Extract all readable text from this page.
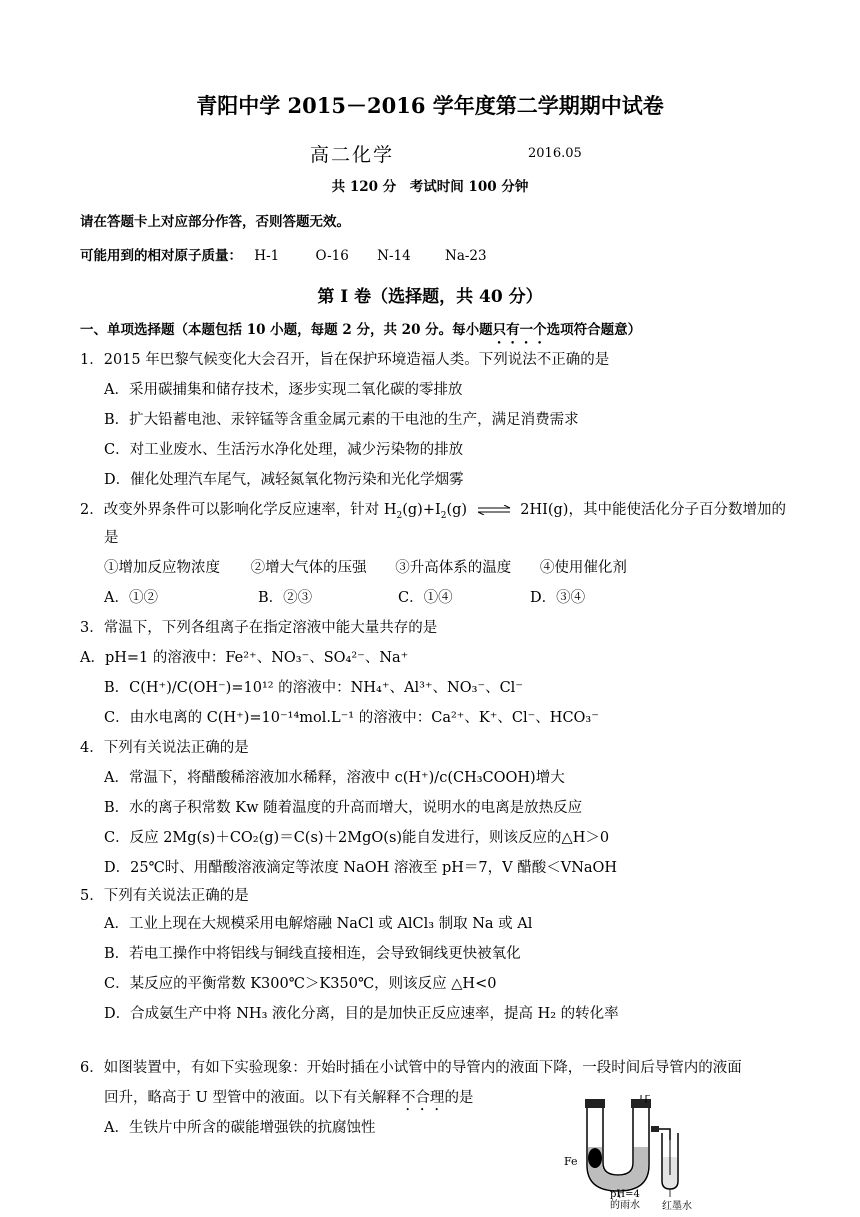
青阳中学 2015－2016 学年度第二学期期中试卷
高二化学	2016.05
共 120 分　考试时间 100 分钟
请在答题卡上对应部分作答，否则答题无效。
可能用到的相对原子质量： H-1	O-16 N-14	Na-23
第 I 卷（选择题，共 40 分）
一、单项选择题（本题包括 10 小题，每题 2 分，共 20 分。每小题只有一个选项符合题意）
1．2015 年巴黎气候变化大会召开，旨在保护环境造福人类。下列说法不正确的是
A．采用碳捕集和储存技术，逐步实现二氧化碳的零排放
B．扩大铅蓄电池、汞锌锰等含重金属元素的干电池的生产，满足消费需求
C．对工业废水、生活污水净化处理，减少污染物的排放
D．催化处理汽车尾气，减轻氮氧化物污染和光化学烟雾
2．改变外界条件可以影响化学反应速率，针对 $H_2(g)+I_2(g)$ ⇌ 2HI(g)，其中能使活化分子百分数增加的
是
①增加反应物浓度 ②增大气体的压强 ③升高体系的温度 ④使用催化剂
A．①②	B．②③	C．①④	D．③④
3．常温下，下列各组离子在指定溶液中能大量共存的是
A．pH=1 的溶液中：Fe²⁺、NO₃⁻、SO₄²⁻、Na⁺
B．C(H⁺)/C(OH⁻)=10¹² 的溶液中：NH₄⁺、Al³⁺、NO₃⁻、Cl⁻
C．由水电离的 C(H⁺)=10⁻¹⁴mol.L⁻¹ 的溶液中：Ca²⁺、K⁺、Cl⁻、HCO₃⁻
4．下列有关说法正确的是
A．常温下，将醋酸稀溶液加水稀释，溶液中 c(H⁺)/c(CH₃COOH)增大
B．水的离子积常数 Kw 随着温度的升高而增大，说明水的电离是放热反应
C．反应 2Mg(s)＋CO₂(g)＝C(s)＋2MgO(s)能自发进行，则该反应的△H＞0
D．25℃时、用醋酸溶液滴定等浓度 NaOH 溶液至 pH＝7，V 醋酸＜VNaOH
5．下列有关说法正确的是
A．工业上现在大规模采用电解熔融 NaCl 或 AlCl₃ 制取 Na 或 Al
B．若电工操作中将铝线与铜线直接相连，会导致铜线更快被氧化
C．某反应的平衡常数 K300℃＞K350℃，则该反应 △H<0
D．合成氨生产中将 NH₃ 液化分离，目的是加快正反应速率，提高 H₂ 的转化率
6．如图装置中，有如下实验现象：开始时插在小试管中的导管内的液面下降，一段时间后导管内的液面
回升，略高于 U 型管中的液面。以下有关解释不合理的是
A．生铁片中所含的碳能增强铁的抗腐蚀性
Fe
pH=4
的雨水 红墨水
